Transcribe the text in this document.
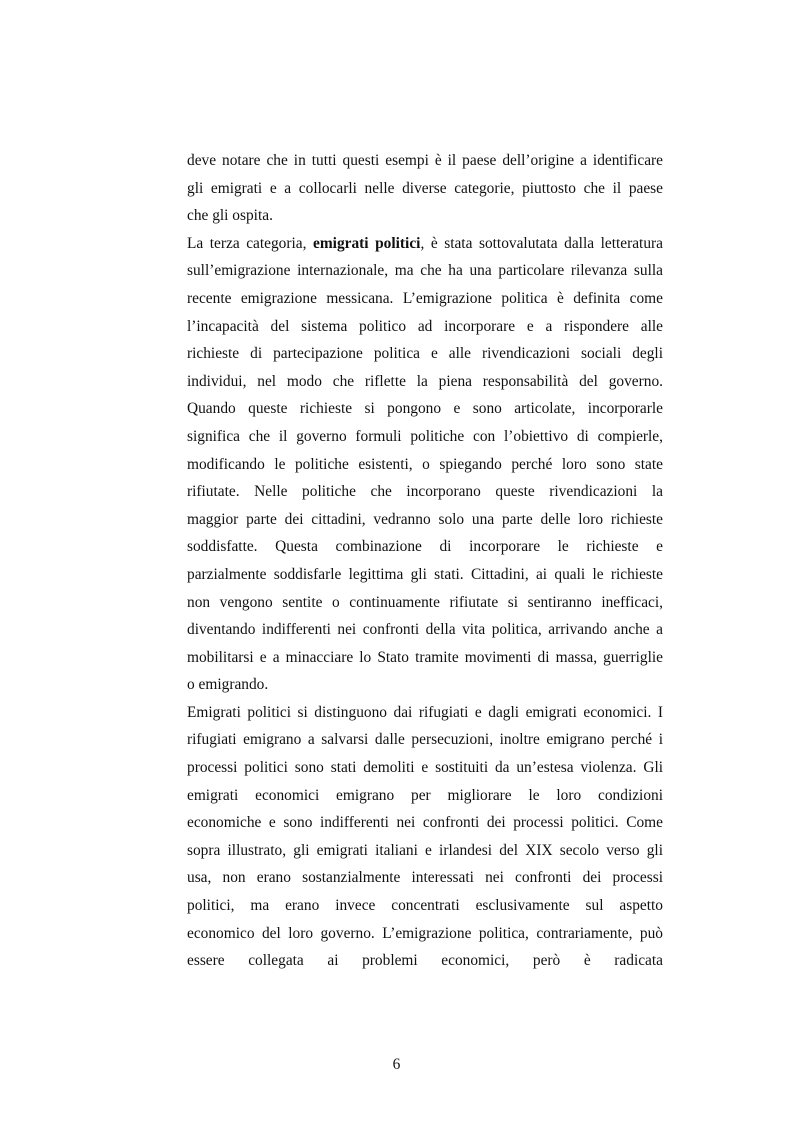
deve notare che in tutti questi esempi è il paese dell’origine a identificare
gli emigrati e a collocarli nelle diverse categorie, piuttosto che il paese
che gli ospita.
La terza categoria, emigrati politici, è stata sottovalutata dalla letteratura
sull’emigrazione internazionale, ma che ha una particolare rilevanza sulla
recente emigrazione messicana. L’emigrazione politica è definita come
l’incapacità del sistema politico ad incorporare e a rispondere alle
richieste di partecipazione politica e alle rivendicazioni sociali degli
individui, nel modo che riflette la piena responsabilità del governo.
Quando queste richieste si pongono e sono articolate, incorporarle
significa che il governo formuli politiche con l’obiettivo di compierle,
modificando le politiche esistenti, o spiegando perché loro sono state
rifiutate. Nelle politiche che incorporano queste rivendicazioni la
maggior parte dei cittadini, vedranno solo una parte delle loro richieste
soddisfatte. Questa combinazione di incorporare le richieste e
parzialmente soddisfarle legittima gli stati. Cittadini, ai quali le richieste
non vengono sentite o continuamente rifiutate si sentiranno inefficaci,
diventando indifferenti nei confronti della vita politica, arrivando anche a
mobilitarsi e a minacciare lo Stato tramite movimenti di massa, guerriglie
o emigrando.
Emigrati politici si distinguono dai rifugiati e dagli emigrati economici. I
rifugiati emigrano a salvarsi dalle persecuzioni, inoltre emigrano perché i
processi politici sono stati demoliti e sostituiti da un’estesa violenza. Gli
emigrati economici emigrano per migliorare le loro condizioni
economiche e sono indifferenti nei confronti dei processi politici. Come
sopra illustrato, gli emigrati italiani e irlandesi del XIX secolo verso gli
usa, non erano sostanzialmente interessati nei confronti dei processi
politici, ma erano invece concentrati esclusivamente sul aspetto
economico del loro governo. L’emigrazione politica, contrariamente, può
essere collegata ai problemi economici, però è radicata
6
